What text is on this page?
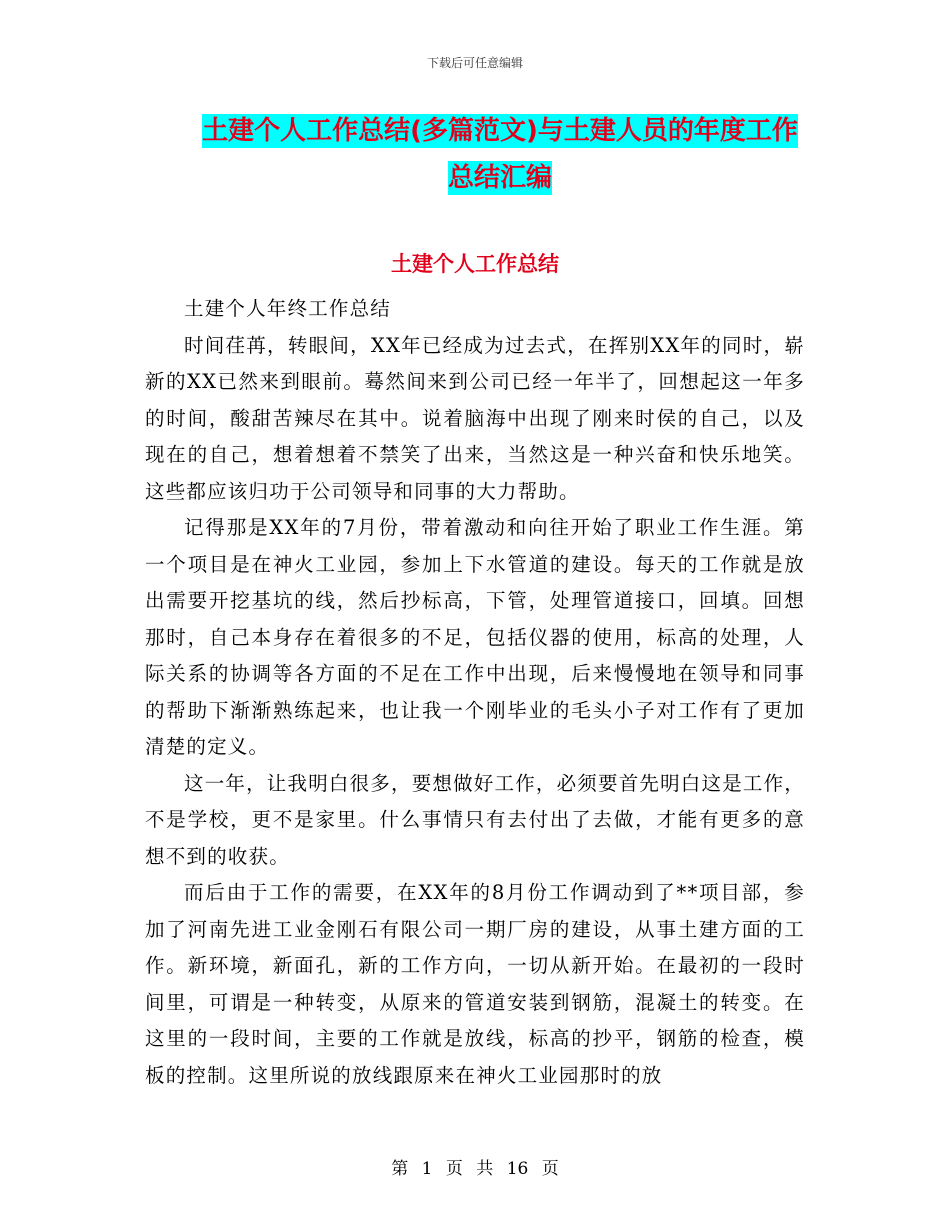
下载后可任意编辑
土建个人工作总结(多篇范文)与土建人员的年度工作
总结汇编
土建个人工作总结

土建个人年终工作总结

时间荏苒，转眼间，XX年已经成为过去式，在挥别XX年的同时，崭新的XX已然来到眼前。蓦然间来到公司已经一年半了，回想起这一年多的时间，酸甜苦辣尽在其中。说着脑海中出现了刚来时侯的自己，以及现在的自己，想着想着不禁笑了出来，当然这是一种兴奋和快乐地笑。这些都应该归功于公司领导和同事的大力帮助。

记得那是XX年的7月份，带着激动和向往开始了职业工作生涯。第一个项目是在神火工业园，参加上下水管道的建设。每天的工作就是放出需要开挖基坑的线，然后抄标高，下管，处理管道接口，回填。回想那时，自己本身存在着很多的不足，包括仪器的使用，标高的处理，人际关系的协调等各方面的不足在工作中出现，后来慢慢地在领导和同事的帮助下渐渐熟练起来，也让我一个刚毕业的毛头小子对工作有了更加清楚的定义。

这一年，让我明白很多，要想做好工作，必须要首先明白这是工作，不是学校，更不是家里。什么事情只有去付出了去做，才能有更多的意想不到的收获。

而后由于工作的需要，在XX年的8月份工作调动到了**项目部，参加了河南先进工业金刚石有限公司一期厂房的建设，从事土建方面的工作。新环境，新面孔，新的工作方向，一切从新开始。在最初的一段时间里，可谓是一种转变，从原来的管道安装到钢筋，混凝土的转变。在这里的一段时间，主要的工作就是放线，标高的抄平，钢筋的检查，模板的控制。这里所说的放线跟原来在神火工业园那时的放

第 1 页 共 16 页
